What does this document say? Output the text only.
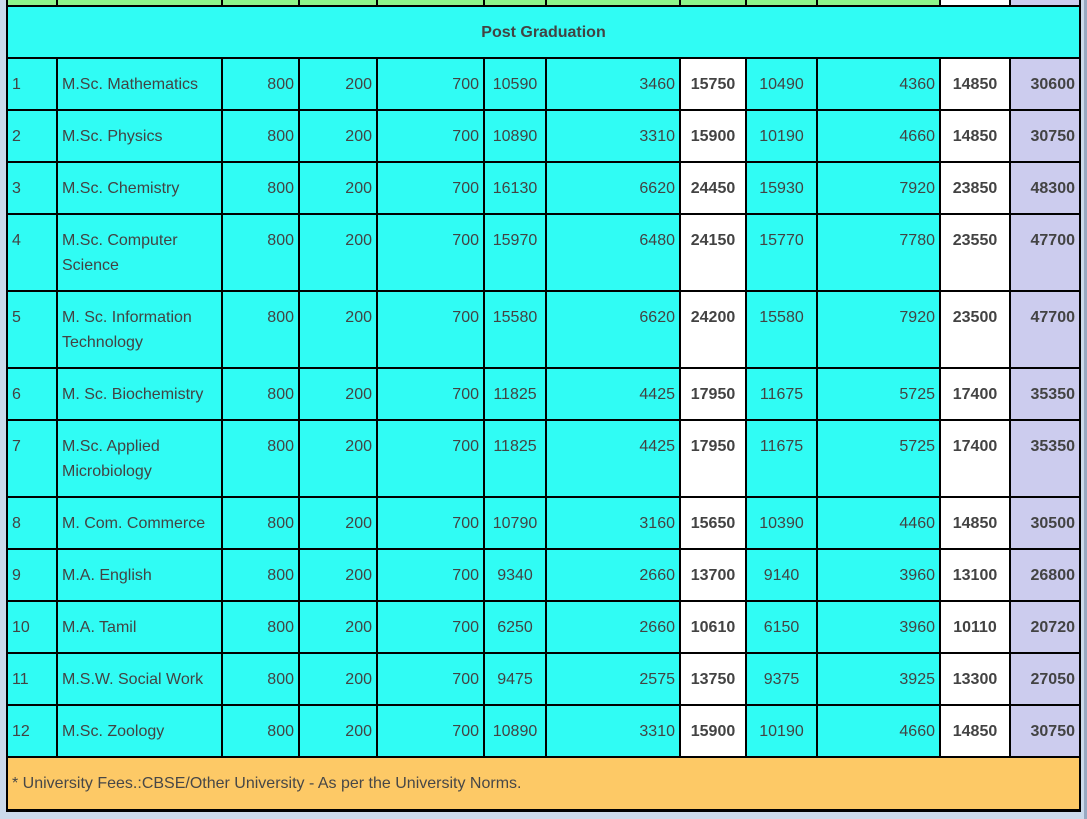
Post Graduation											
1	M.Sc. Mathematics	800	200	700	10590	3460	15750	10490	4360	14850	30600
2	M.Sc. Physics	800	200	700	10890	3310	15900	10190	4660	14850	30750
3	M.Sc. Chemistry	800	200	700	16130	6620	24450	15930	7920	23850	48300
4	M.Sc. Computer Science	800	200	700	15970	6480	24150	15770	7780	23550	47700
5	M. Sc. Information Technology	800	200	700	15580	6620	24200	15580	7920	23500	47700
6	M. Sc. Biochemistry	800	200	700	11825	4425	17950	11675	5725	17400	35350
7	M.Sc. Applied Microbiology	800	200	700	11825	4425	17950	11675	5725	17400	35350
8	M. Com. Commerce	800	200	700	10790	3160	15650	10390	4460	14850	30500
9	M.A. English	800	200	700	9340	2660	13700	9140	3960	13100	26800
10	M.A. Tamil	800	200	700	6250	2660	10610	6150	3960	10110	20720
11	M.S.W. Social Work	800	200	700	9475	2575	13750	9375	3925	13300	27050
12	M.Sc. Zoology	800	200	700	10890	3310	15900	10190	4660	14850	30750
* University Fees.:CBSE/Other University - As per the University Norms.											
